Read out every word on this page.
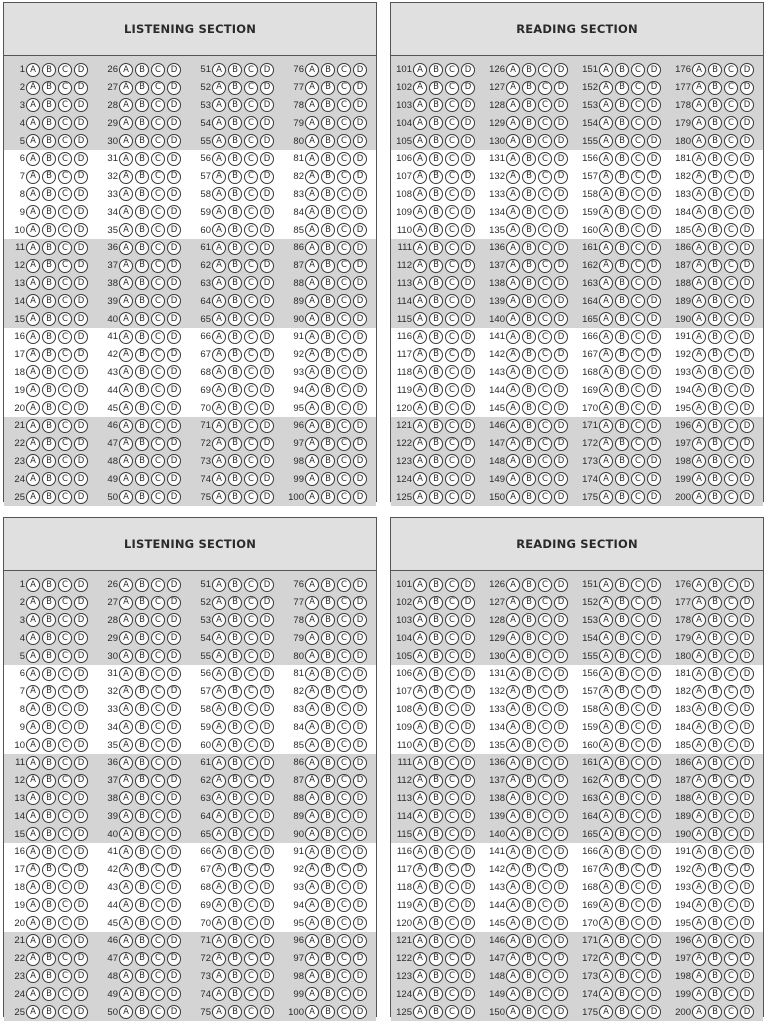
LISTENING SECTION
1 A	B	C	D
2 A	B	C	D
3 A	B	C	D
4 A	B	C	D
5 A	B	C	D
6 A	B	C	D
7 A	B	C	D
8 A	B	C	D
9 A	B	C	D
10 A	B	C	D
11 A	B	C	D
12 A	B	C	D
13 A	B	C	D
14 A	B	C	D
15 A	B	C	D
16 A	B	C	D
17 A	B	C	D
18 A	B	C	D
19 A	B	C	D
20 A	B	C	D
21 A	B	C	D
22 A	B	C	D
23 A	B	C	D
24 A	B	C	D
25 A	B	C	D
26 A	B	C	D
27 A	B	C	D
28 A	B	C	D
29 A	B	C	D
30 A	B	C	D
31 A	B	C	D
32 A	B	C	D
33 A	B	C	D
34 A	B	C	D
35 A	B	C	D
36 A	B	C	D
37 A	B	C	D
38 A	B	C	D
39 A	B	C	D
40 A	B	C	D
41 A	B	C	D
42 A	B	C	D
43 A	B	C	D
44 A	B	C	D
45 A	B	C	D
46 A	B	C	D
47 A	B	C	D
48 A	B	C	D
49 A	B	C	D
50 A	B	C	D
51 A	B	C	D
52 A	B	C	D
53 A	B	C	D
54 A	B	C	D
55 A	B	C	D
56 A	B	C	D
57 A	B	C	D
58 A	B	C	D
59 A	B	C	D
60 A	B	C	D
61 A	B	C	D
62 A	B	C	D
63 A	B	C	D
64 A	B	C	D
65 A	B	C	D
66 A	B	C	D
67 A	B	C	D
68 A	B	C	D
69 A	B	C	D
70 A	B	C	D
71 A	B	C	D
72 A	B	C	D
73 A	B	C	D
74 A	B	C	D
75 A	B	C	D
76 A	B	C	D
77 A	B	C	D
78 A	B	C	D
79 A	B	C	D
80 A	B	C	D
81 A	B	C	D
82 A	B	C	D
83 A	B	C	D
84 A	B	C	D
85 A	B	C	D
86 A	B	C	D
87 A	B	C	D
88 A	B	C	D
89 A	B	C	D
90 A	B	C	D
91 A	B	C	D
92 A	B	C	D
93 A	B	C	D
94 A	B	C	D
95 A	B	C	D
96 A	B	C	D
97 A	B	C	D
98 A	B	C	D
99 A	B	C	D
100 A	B	C	D
READING SECTION
101 A	B	C	D
102 A	B	C	D
103 A	B	C	D
104 A	B	C	D
105 A	B	C	D
106 A	B	C	D
107 A	B	C	D
108 A	B	C	D
109 A	B	C	D
110 A	B	C	D
111 A	B	C	D
112 A	B	C	D
113 A	B	C	D
114 A	B	C	D
115 A	B	C	D
116 A	B	C	D
117 A	B	C	D
118 A	B	C	D
119 A	B	C	D
120 A	B	C	D
121 A	B	C	D
122 A	B	C	D
123 A	B	C	D
124 A	B	C	D
125 A	B	C	D
126 A	B	C	D
127 A	B	C	D
128 A	B	C	D
129 A	B	C	D
130 A	B	C	D
131 A	B	C	D
132 A	B	C	D
133 A	B	C	D
134 A	B	C	D
135 A	B	C	D
136 A	B	C	D
137 A	B	C	D
138 A	B	C	D
139 A	B	C	D
140 A	B	C	D
141 A	B	C	D
142 A	B	C	D
143 A	B	C	D
144 A	B	C	D
145 A	B	C	D
146 A	B	C	D
147 A	B	C	D
148 A	B	C	D
149 A	B	C	D
150 A	B	C	D
151 A	B	C	D
152 A	B	C	D
153 A	B	C	D
154 A	B	C	D
155 A	B	C	D
156 A	B	C	D
157 A	B	C	D
158 A	B	C	D
159 A	B	C	D
160 A	B	C	D
161 A	B	C	D
162 A	B	C	D
163 A	B	C	D
164 A	B	C	D
165 A	B	C	D
166 A	B	C	D
167 A	B	C	D
168 A	B	C	D
169 A	B	C	D
170 A	B	C	D
171 A	B	C	D
172 A	B	C	D
173 A	B	C	D
174 A	B	C	D
175 A	B	C	D
176 A	B	C	D
177 A	B	C	D
178 A	B	C	D
179 A	B	C	D
180 A	B	C	D
181 A	B	C	D
182 A	B	C	D
183 A	B	C	D
184 A	B	C	D
185 A	B	C	D
186 A	B	C	D
187 A	B	C	D
188 A	B	C	D
189 A	B	C	D
190 A	B	C	D
191 A	B	C	D
192 A	B	C	D
193 A	B	C	D
194 A	B	C	D
195 A	B	C	D
196 A	B	C	D
197 A	B	C	D
198 A	B	C	D
199 A	B	C	D
200 A	B	C	D
LISTENING SECTION
1 A	B	C	D
2 A	B	C	D
3 A	B	C	D
4 A	B	C	D
5 A	B	C	D
6 A	B	C	D
7 A	B	C	D
8 A	B	C	D
9 A	B	C	D
10 A	B	C	D
11 A	B	C	D
12 A	B	C	D
13 A	B	C	D
14 A	B	C	D
15 A	B	C	D
16 A	B	C	D
17 A	B	C	D
18 A	B	C	D
19 A	B	C	D
20 A	B	C	D
21 A	B	C	D
22 A	B	C	D
23 A	B	C	D
24 A	B	C	D
25 A	B	C	D
26 A	B	C	D
27 A	B	C	D
28 A	B	C	D
29 A	B	C	D
30 A	B	C	D
31 A	B	C	D
32 A	B	C	D
33 A	B	C	D
34 A	B	C	D
35 A	B	C	D
36 A	B	C	D
37 A	B	C	D
38 A	B	C	D
39 A	B	C	D
40 A	B	C	D
41 A	B	C	D
42 A	B	C	D
43 A	B	C	D
44 A	B	C	D
45 A	B	C	D
46 A	B	C	D
47 A	B	C	D
48 A	B	C	D
49 A	B	C	D
50 A	B	C	D
51 A	B	C	D
52 A	B	C	D
53 A	B	C	D
54 A	B	C	D
55 A	B	C	D
56 A	B	C	D
57 A	B	C	D
58 A	B	C	D
59 A	B	C	D
60 A	B	C	D
61 A	B	C	D
62 A	B	C	D
63 A	B	C	D
64 A	B	C	D
65 A	B	C	D
66 A	B	C	D
67 A	B	C	D
68 A	B	C	D
69 A	B	C	D
70 A	B	C	D
71 A	B	C	D
72 A	B	C	D
73 A	B	C	D
74 A	B	C	D
75 A	B	C	D
76 A	B	C	D
77 A	B	C	D
78 A	B	C	D
79 A	B	C	D
80 A	B	C	D
81 A	B	C	D
82 A	B	C	D
83 A	B	C	D
84 A	B	C	D
85 A	B	C	D
86 A	B	C	D
87 A	B	C	D
88 A	B	C	D
89 A	B	C	D
90 A	B	C	D
91 A	B	C	D
92 A	B	C	D
93 A	B	C	D
94 A	B	C	D
95 A	B	C	D
96 A	B	C	D
97 A	B	C	D
98 A	B	C	D
99 A	B	C	D
100 A	B	C	D
READING SECTION
101 A	B	C	D
102 A	B	C	D
103 A	B	C	D
104 A	B	C	D
105 A	B	C	D
106 A	B	C	D
107 A	B	C	D
108 A	B	C	D
109 A	B	C	D
110 A	B	C	D
111 A	B	C	D
112 A	B	C	D
113 A	B	C	D
114 A	B	C	D
115 A	B	C	D
116 A	B	C	D
117 A	B	C	D
118 A	B	C	D
119 A	B	C	D
120 A	B	C	D
121 A	B	C	D
122 A	B	C	D
123 A	B	C	D
124 A	B	C	D
125 A	B	C	D
126 A	B	C	D
127 A	B	C	D
128 A	B	C	D
129 A	B	C	D
130 A	B	C	D
131 A	B	C	D
132 A	B	C	D
133 A	B	C	D
134 A	B	C	D
135 A	B	C	D
136 A	B	C	D
137 A	B	C	D
138 A	B	C	D
139 A	B	C	D
140 A	B	C	D
141 A	B	C	D
142 A	B	C	D
143 A	B	C	D
144 A	B	C	D
145 A	B	C	D
146 A	B	C	D
147 A	B	C	D
148 A	B	C	D
149 A	B	C	D
150 A	B	C	D
151 A	B	C	D
152 A	B	C	D
153 A	B	C	D
154 A	B	C	D
155 A	B	C	D
156 A	B	C	D
157 A	B	C	D
158 A	B	C	D
159 A	B	C	D
160 A	B	C	D
161 A	B	C	D
162 A	B	C	D
163 A	B	C	D
164 A	B	C	D
165 A	B	C	D
166 A	B	C	D
167 A	B	C	D
168 A	B	C	D
169 A	B	C	D
170 A	B	C	D
171 A	B	C	D
172 A	B	C	D
173 A	B	C	D
174 A	B	C	D
175 A	B	C	D
176 A	B	C	D
177 A	B	C	D
178 A	B	C	D
179 A	B	C	D
180 A	B	C	D
181 A	B	C	D
182 A	B	C	D
183 A	B	C	D
184 A	B	C	D
185 A	B	C	D
186 A	B	C	D
187 A	B	C	D
188 A	B	C	D
189 A	B	C	D
190 A	B	C	D
191 A	B	C	D
192 A	B	C	D
193 A	B	C	D
194 A	B	C	D
195 A	B	C	D
196 A	B	C	D
197 A	B	C	D
198 A	B	C	D
199 A	B	C	D
200 A	B	C	D
